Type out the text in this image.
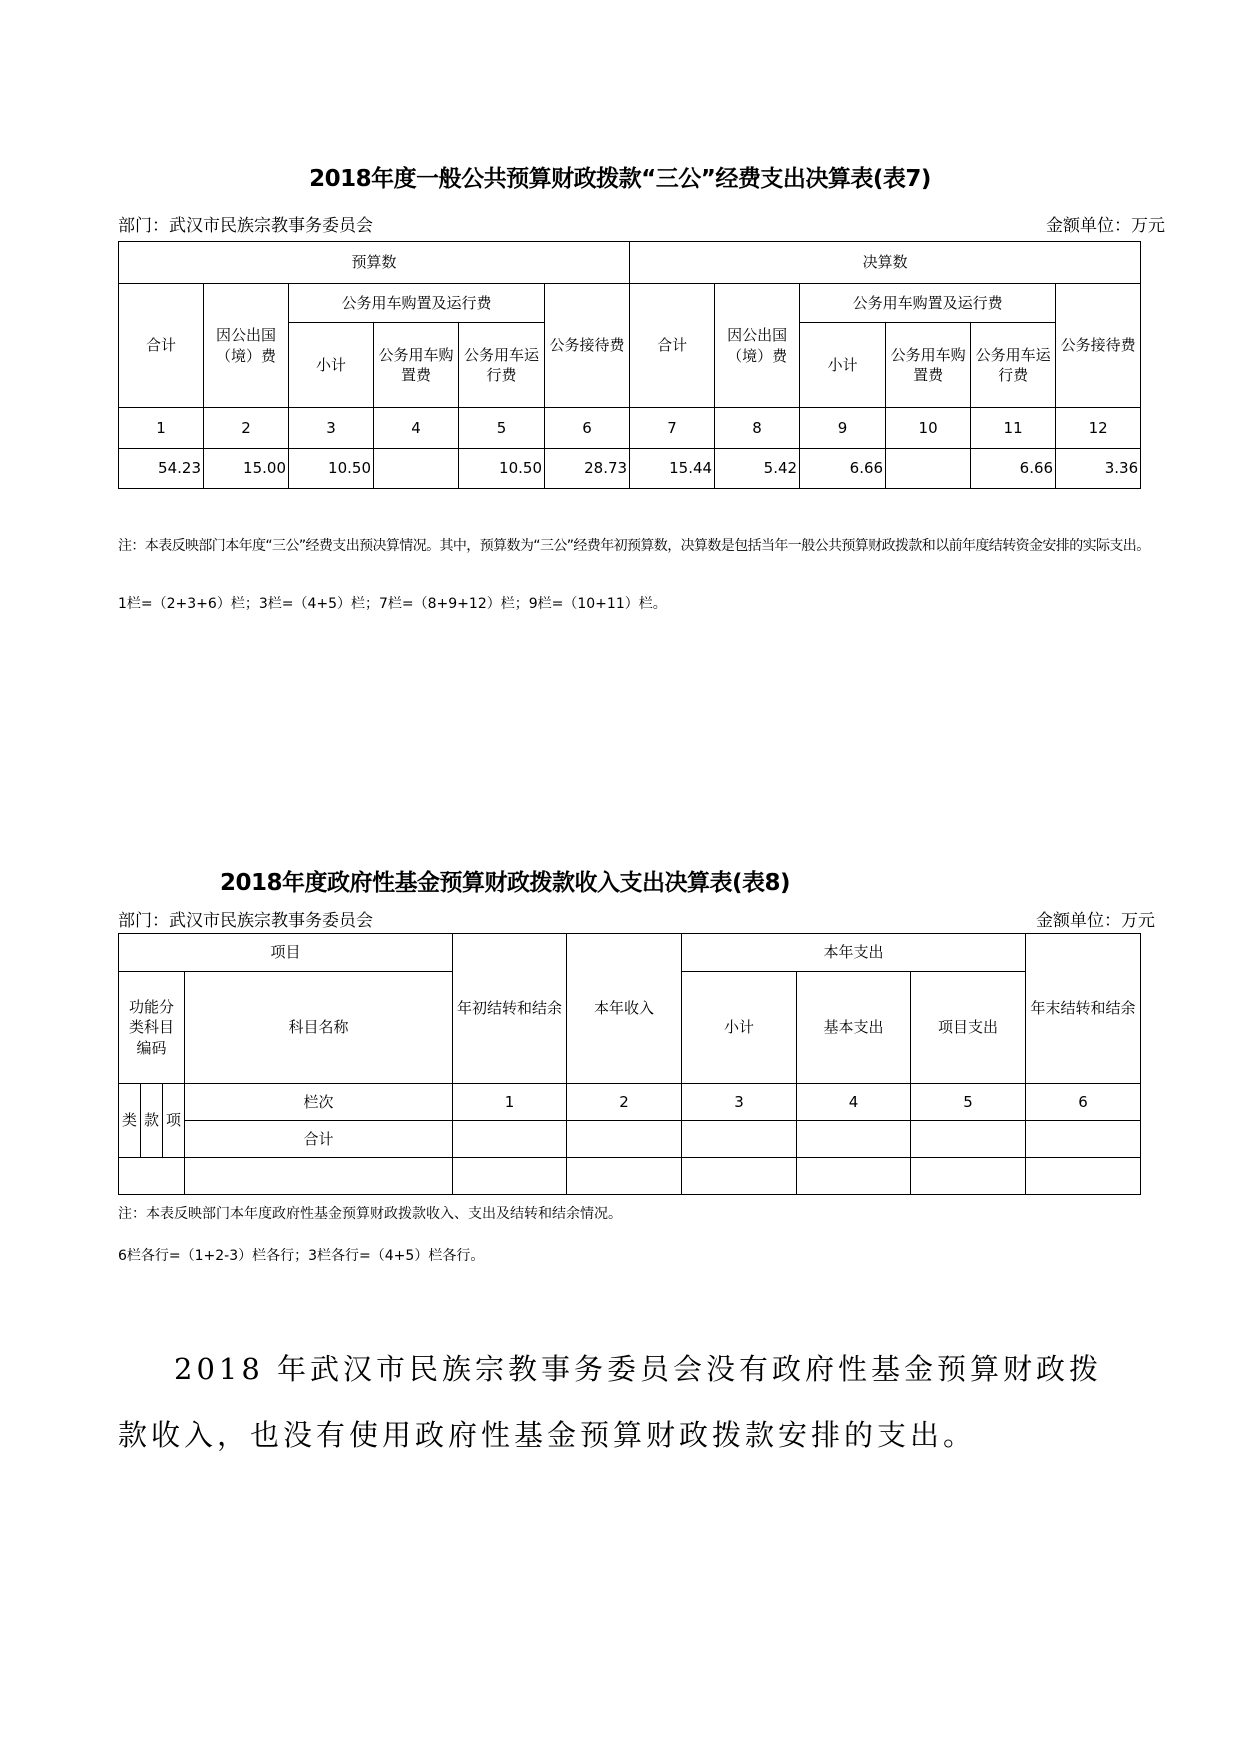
2018年度一般公共预算财政拨款“三公”经费支出决算表(表7)
部门：武汉市民族宗教事务委员会	金额单位：万元
预算数						决算数					
合计	因公出国（境）费	公务用车购置及运行费			公务接待费	合计	因公出国（境）费	公务用车购置及运行费			公务接待费
		小计	公务用车购置费	公务用车运行费				小计	公务用车购置费	公务用车运行费	
1	2	3	4	5	6	7	8	9	10	11	12
54.23	15.00	10.50		10.50	28.73	15.44	5.42	6.66		6.66	3.36
注：本表反映部门本年度“三公”经费支出预决算情况。其中，预算数为“三公”经费年初预算数，决算数是包括当年一般公共预算财政拨款和以前年度结转资金安排的实际支出。
1栏=（2+3+6）栏；3栏=（4+5）栏；7栏=（8+9+12）栏；9栏=（10+11）栏。
2018年度政府性基金预算财政拨款收入支出决算表(表8)
部门：武汉市民族宗教事务委员会	金额单位：万元
项目				年初结转和结余	本年收入	本年支出			年末结转和结余
功能分类科目编码			科目名称			小计	基本支出	项目支出	

类	款	项	栏次	1	2	3	4	5	6
			合计						

注：本表反映部门本年度政府性基金预算财政拨款收入、支出及结转和结余情况。
6栏各行=（1+2-3）栏各行；3栏各行=（4+5）栏各行。
2018 年武汉市民族宗教事务委员会没有政府性基金预算财政拨
款收入，也没有使用政府性基金预算财政拨款安排的支出。
